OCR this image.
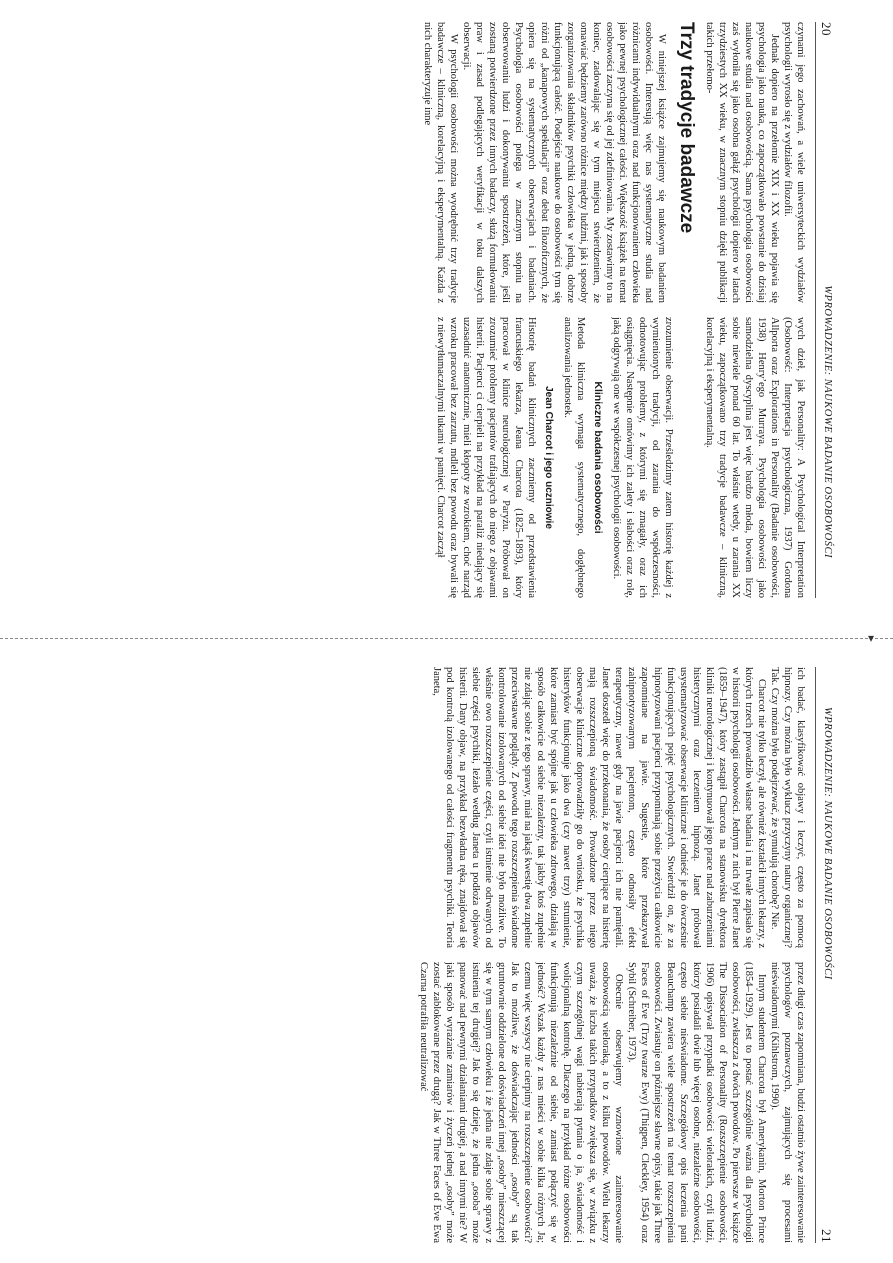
20
WPROWADZENIE: NAUKOWE BADANIE OSOBOWOŚCI

czynami jego zachowań, a wiele uniwersyteckich wydziałów psychologii wyrosło się z wydziałów filozofii.

Jednak dopiero na przełomie XIX i XX wieku pojawia się psychologia jako nauka, co zapoczątkowało powstanie do dzisiaj naukowe studia nad osobowością. Sama psychologia osobowości zaś wyłoniła się jako osobna gałąź psychologii dopiero w latach trzydziestych XX wieku, w znacznym stopniu dzięki publikacji takich przełomo-

Trzy tradycje badawcze

W niniejszej książce zajmujemy się naukowym badaniem osobowości. Interesują więc nas systematyczne studia nad różnicami indywidualnymi oraz nad funkcjonowaniem człowieka jako pewnej psychologicznej całości. Większość książek na temat osobowości zaczyna się od jej zdefiniowania. My zostawimy to na koniec, zadowalając się w tym miejscu stwierdzeniem, że omawiać będziemy zarówno różnice między ludźmi, jak i sposoby zorganizowania składników psychiki człowieka w jedną, dobrze funkcjonującą całość. Podejście naukowe do osobowości tym się różni od „kanapowych spekulacji” oraz debat filozoficznych, że opiera się na systematycznych obserwacjach i badaniach. Psychologia osobowości polega w znacznym stopniu na obserwowaniu ludzi i dokonywaniu spostrzeżeń, które, jeśli zostaną potwierdzone przez innych badaczy, służą formułowaniu praw i zasad podlegających weryfikacji w toku dalszych obserwacji.

W psychologii osobowości można wyodrębnić trzy tradycje badawcze – kliniczną, korelacyjną i eksperymentalną. Każda z nich charakteryzuje inne

wych dzieł, jak Personality: A Psychological Interpretation (Osobowość: Interpretacja psychologiczna, 1937) Gordona Allporta oraz Explorations in Personality (Badanie osobowości, 1938) Henry’ego Murraya. Psychologia osobowości jako samodzielna dyscyplina jest więc bardzo młoda, bowiem liczy sobie niewiele ponad 60 lat. To właśnie wtedy, u zarania XX wieku, zapoczątkowano trzy tradycje badawcze – kliniczną, korelacyjną i eksperymentalną.

zrozumienie obserwacji. Prześledzimy zatem historię każdej z wymienionych tradycji, od zarania do współczesności, odnotowując problemy, z którymi się zmagały, oraz ich osiągnięcia. Następnie omówimy ich zalety i słabości oraz rolę, jaką odgrywają one we współczesnej psychologii osobowości.

Kliniczne badania osobowości

Metoda kliniczna wymaga systematycznego, dogłębnego analizowania jednostek.

Jean Charcot i jego uczniowie

Historię badań klinicznych zaczniemy od przedstawienia francuskiego lekarza, Jeana Charcota (1825–1893), który pracował w klinice neurologicznej w Paryżu. Próbował on zrozumieć problemy pacjentów trafiających do niego z objawami histerii. Pacjenci ci cierpieli na przykład na paraliż niedający się uzasadnić anatomicznie, mieli kłopoty ze wzrokiem, choć narząd wzroku pracował bez zarzutu, mdleli bez powodu oraz bywali się z niewytłumaczalnymi lukami w pamięci. Charcot zaczął

▾
WPROWADZENIE: NAUKOWE BADANIE OSOBOWOŚCI
21

ich badać, klasyfikować objawy i leczyć, często za pomocą hipnozy. Czy można było wyklucz przyczyny natury organicznej? Tak. Czy można było podejrzewać, że symulują chorobę? Nie.

Charcot nie tylko leczył, ale również kształcił innych lekarzy, z których trzech prowadziło własne badania i na trwałe zapisało się w historii psychologii osobowości. Jednym z nich był Pierre Janet (1859–1947), który zastąpił Charcota na stanowisku dyrektora kliniki neurologicznej i kontynuował jego prace nad zaburzeniami histerycznymi oraz leczeniem hipnozą. Janet próbował usystematyzować obserwacje kliniczne i odnieść je do ówcześnie funkcjonujących pojęć psychologicznych. Stwierdził on, że za hipnotyzowani pacjenci przypominają sobie przeżycia całkowicie zapomniane na jawie. Sugestie, które przekazywał zahipnotyzowanym pacjentom, często odnosiły efekt terapeutyczny, nawet gdy na jawie pacjenci ich nie pamiętali. Janet doszedł więc do przekonania, że osoby cierpiące na histerię mają rozszczepioną świadomość. Prowadzone przez niego obserwacje kliniczne doprowadziły go do wniosku, że psychika histeryków funkcjonuje jako dwa (czy nawet trzy) strumienie, które zamiast być spójne jak u człowieka zdrowego, działają w sposób całkowicie od siebie niezależny, tak jakby ktoś zupełnie nie zdając sobie z tego sprawy, miał na jakąś kwestię dwa zupełnie przeciwstawne poglądy. Z powodu tego rozszczepienia świadome kontrolowanie izolowanych od siebie idei nie było możliwe. To właśnie owo rozszczepienie części, czyli istnienie odrwanych od siebie części psychiki, leżało według Janeta u podłoża objawów histerii. Dany objaw, na przykład bezwładna ręka, znajdował się pod kontrolą izolowanego od całości fragmentu psychiki. Teoria Janeta,

przez długi czas zapomniana, budzi ostatnio żywe zainteresowanie psychologów poznawczych, zajmujących się procesami nieświadomymi (Kihlstrom, 1990).

Innym studentem Charcota był Amerykanin, Morton Prince (1854–1929). Jest to postać szczególnie ważna dla psychologii osobowości, zwłaszcza z dwóch powodów. Po pierwsze w książce The Dissociation of Personality (Rozszczepienie osobowości, 1906) opisywał przypadki osobowości wielorakich, czyli ludzi, którzy posiadali dwie lub więcej osobne, niezależne osobowości, często siebie nieświadome. Szczegółowy opis leczenia pani Beauchamp zawiera wiele spostrzeżeń na temat rozszczepienia osobowości. Zwiastuje on późniejsze sławne opisy, takie jak Three Faces of Eve (Trzy twarze Ewy) (Thigpen, Cleckley, 1954) oraz Sybil (Schreiber, 1973).

Obecnie obserwujemy wznowione zainteresowanie osobowością wieloraką, a to z kilku powodów. Wielu lekarzy uważa, że liczba takich przypadków zwiększa się, w związku z czym szczególnej wagi nabierają pytania o ja, świadomość i wolicjonalną kontrolę. Dlaczego na przykład różne osobowości funkcjonują niezależnie od siebie, zamiast połączyć się w jedność? Wszak każdy z nas mieści w sobie kilka różnych Ja; czemu więc wszyscy nie cierpimy na rozszczepienie osobowości? Jak to możliwe, że doświadczając jedności „osoby” są tak gruntownie oddzielone od doświadczeń innej „osoby” mieszczącej się w tym samym człowieku i że jedna nie zdaje sobie sprawy z istnienia tej drugiej? Jak to się dzieje, że jedna „osoba” może panować nad pewnymi działaniami drugiej, a nad innymi nie? W jaki sposób wyrażanie zamiarów i życzeń jednej „osoby” może zostać zablokowane przez drugą? Jak w Three Faces of Eve Ewa Czarna potrafiła neutralizować
